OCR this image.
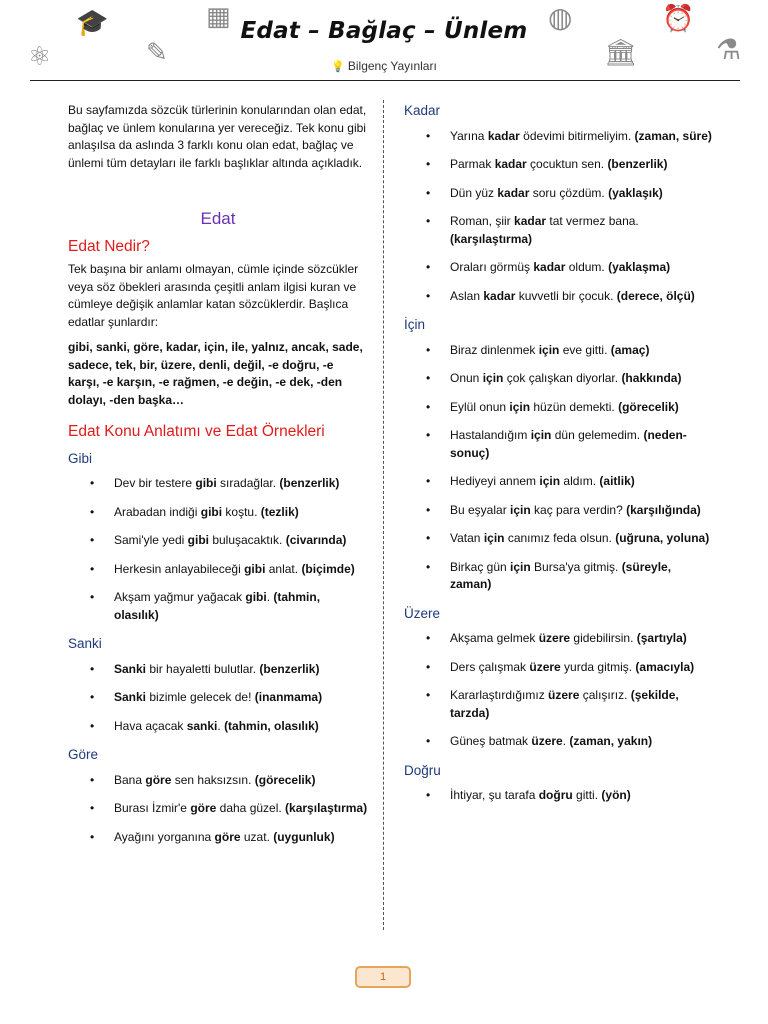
🎓	▦
⚛	✎
◍	⏰
🏛	⚗
Edat – Bağlaç – Ünlem
💡 Bilgenç Yayınları

Bu sayfamızda sözcük türlerinin konularından olan edat, bağlaç ve ünlem konularına yer vereceğiz. Tek konu gibi anlaşılsa da aslında 3 farklı konu olan edat, bağlaç ve ünlemi tüm detayları ile farklı başlıklar altında açıkladık.

Edat
Edat Nedir?

Tek başına bir anlamı olmayan, cümle içinde sözcükler veya söz öbekleri arasında çeşitli anlam ilgisi kuran ve cümleye değişik anlamlar katan sözcüklerdir. Başlıca edatlar şunlardır:

gibi, sanki, göre, kadar, için, ile, yalnız, ancak, sade, sadece, tek, bir, üzere, denli, değil, -e doğru, -e karşı, -e karşın, -e rağmen, -e değin, -e dek, -den dolayı, -den başka…

Edat Konu Anlatımı ve Edat Örnekleri
Gibi
• Dev bir testere gibi sıradağlar. (benzerlik)
• Arabadan indiği gibi koştu. (tezlik)
• Sami'yle yedi gibi buluşacaktık. (civarında)
• Herkesin anlayabileceği gibi anlat. (biçimde)
• Akşam yağmur yağacak gibi. (tahmin, olasılık)
Sanki
• Sanki bir hayaletti bulutlar. (benzerlik)
• Sanki bizimle gelecek de! (inanmama)
• Hava açacak sanki. (tahmin, olasılık)
Göre
• Bana göre sen haksızsın. (görecelik)
• Burası İzmir'e göre daha güzel. (karşılaştırma)
• Ayağını yorganına göre uzat. (uygunluk)
Kadar
• Yarına kadar ödevimi bitirmeliyim. (zaman, süre)
• Parmak kadar çocuktun sen. (benzerlik)
• Dün yüz kadar soru çözdüm. (yaklaşık)
• Roman, şiir kadar tat vermez bana. (karşılaştırma)
• Oraları görmüş kadar oldum. (yaklaşma)
• Aslan kadar kuvvetli bir çocuk. (derece, ölçü)
İçin
• Biraz dinlenmek için eve gitti. (amaç)
• Onun için çok çalışkan diyorlar. (hakkında)
• Eylül onun için hüzün demekti. (görecelik)
• Hastalandığım için dün gelemedim. (neden-sonuç)
• Hediyeyi annem için aldım. (aitlik)
• Bu eşyalar için kaç para verdin? (karşılığında)
• Vatan için canımız feda olsun. (uğruna, yoluna)
• Birkaç gün için Bursa'ya gitmiş. (süreyle, zaman)
Üzere
• Akşama gelmek üzere gidebilirsin. (şartıyla)
• Ders çalışmak üzere yurda gitmiş. (amacıyla)
• Kararlaştırdığımız üzere çalışırız. (şekilde, tarzda)
• Güneş batmak üzere. (zaman, yakın)
Doğru
• İhtiyar, şu tarafa doğru gitti. (yön)
1
